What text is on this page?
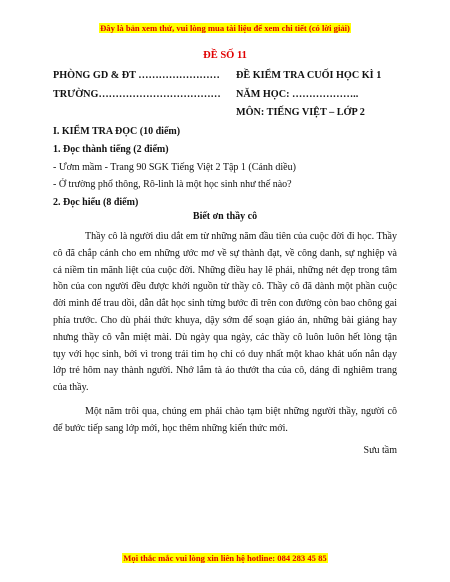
Đây là bản xem thử, vui lòng mua tài liệu để xem chi tiết (có lời giải)
ĐỀ SỐ 11
PHÒNG GD & ĐT ……………………
TRƯỜNG………………………………
ĐỀ KIỂM TRA CUỐI HỌC KÌ 1
NĂM HỌC: ………………..
MÔN: TIẾNG VIỆT – LỚP 2
I. KIỂM TRA ĐỌC (10 điểm)
1. Đọc thành tiếng (2 điểm)
- Ươm mầm - Trang 90 SGK Tiếng Việt 2 Tập 1 (Cánh diều)
- Ở trường phổ thông, Rô-linh là một học sinh như thế nào?
2. Đọc hiểu (8 điểm)
Biết ơn thầy cô

Thầy cô là người dìu dắt em từ những năm đầu tiên của cuộc đời đi học. Thầy cô đã chắp cánh cho em những ước mơ về sự thành đạt, về công danh, sự nghiệp và cả niềm tin mãnh liệt của cuộc đời. Những điều hay lẽ phải, những nét đẹp trong tâm hồn của con người đều được khởi nguồn từ thầy cô. Thầy cô đã dành một phần cuộc đời mình để trau dồi, dẫn dắt học sinh từng bước đi trên con đường còn bao chông gai phía trước. Cho dù phải thức khuya, dậy sớm để soạn giáo án, những bài giảng hay nhưng thầy cô vẫn miệt mài. Dù ngày qua ngày, các thầy cô luôn luôn hết lòng tận tụy với học sinh, bởi vì trong trái tim họ chỉ có duy nhất một khao khát uốn nắn dạy lớp trẻ hôm nay thành người. Nhớ lắm tà áo thướt tha của cô, dáng đi nghiêm trang của thầy.

Một năm trôi qua, chúng em phải chào tạm biệt những người thầy, người cô để bước tiếp sang lớp mới, học thêm những kiến thức mới.

Sưu tầm
Mọi thắc mắc vui lòng xin liên hệ hotline: 084 283 45 85
